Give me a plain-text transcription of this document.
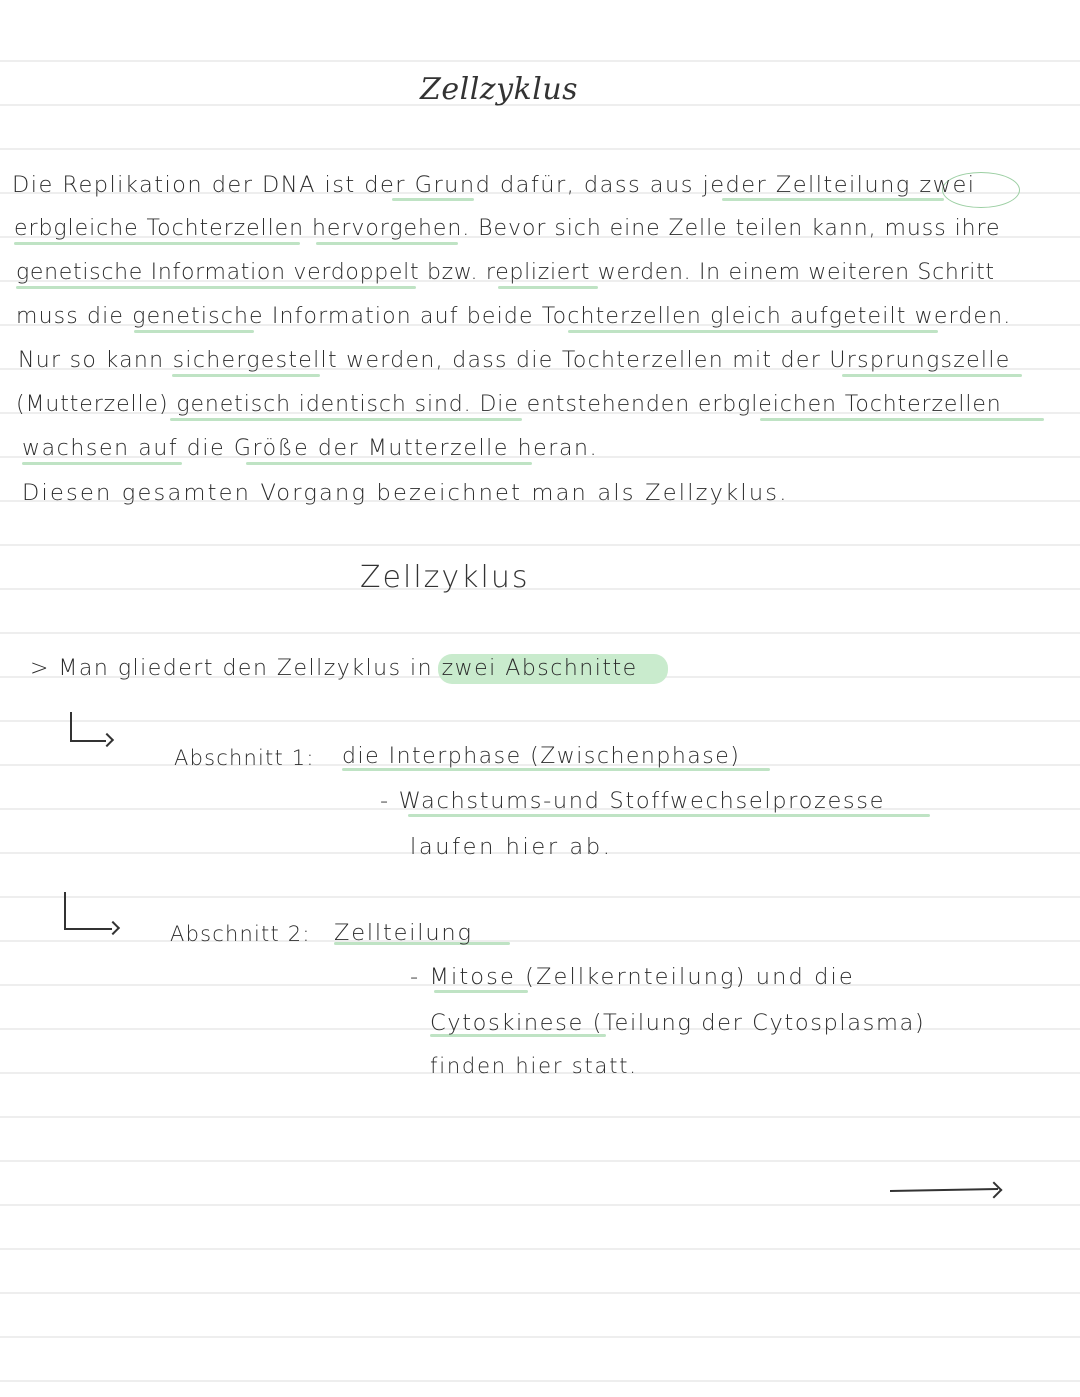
Zellzyklus
Die Replikation der DNA ist der Grund dafür, dass aus jeder Zellteilung zwei
erbgleiche Tochterzellen hervorgehen. Bevor sich eine Zelle teilen kann, muss ihre
genetische Information verdoppelt bzw. repliziert werden. In einem weiteren Schritt
muss die genetische Information auf beide Tochterzellen gleich aufgeteilt werden.
Nur so kann sichergestellt werden, dass die Tochterzellen mit der Ursprungszelle
(Mutterzelle) genetisch identisch sind. Die entstehenden erbgleichen Tochterzellen
wachsen auf die Größe der Mutterzelle heran.
Diesen gesamten Vorgang bezeichnet man als Zellzyklus.
Zellzyklus
> Man gliedert den Zellzyklus in zwei Abschnitte
Abschnitt 1: die Interphase (Zwischenphase)
- Wachstums-und Stoffwechselprozesse
laufen hier ab.
Abschnitt 2: Zellteilung
- Mitose (Zellkernteilung) und die
Cytoskinese (Teilung der Cytosplasma)
finden hier statt.
